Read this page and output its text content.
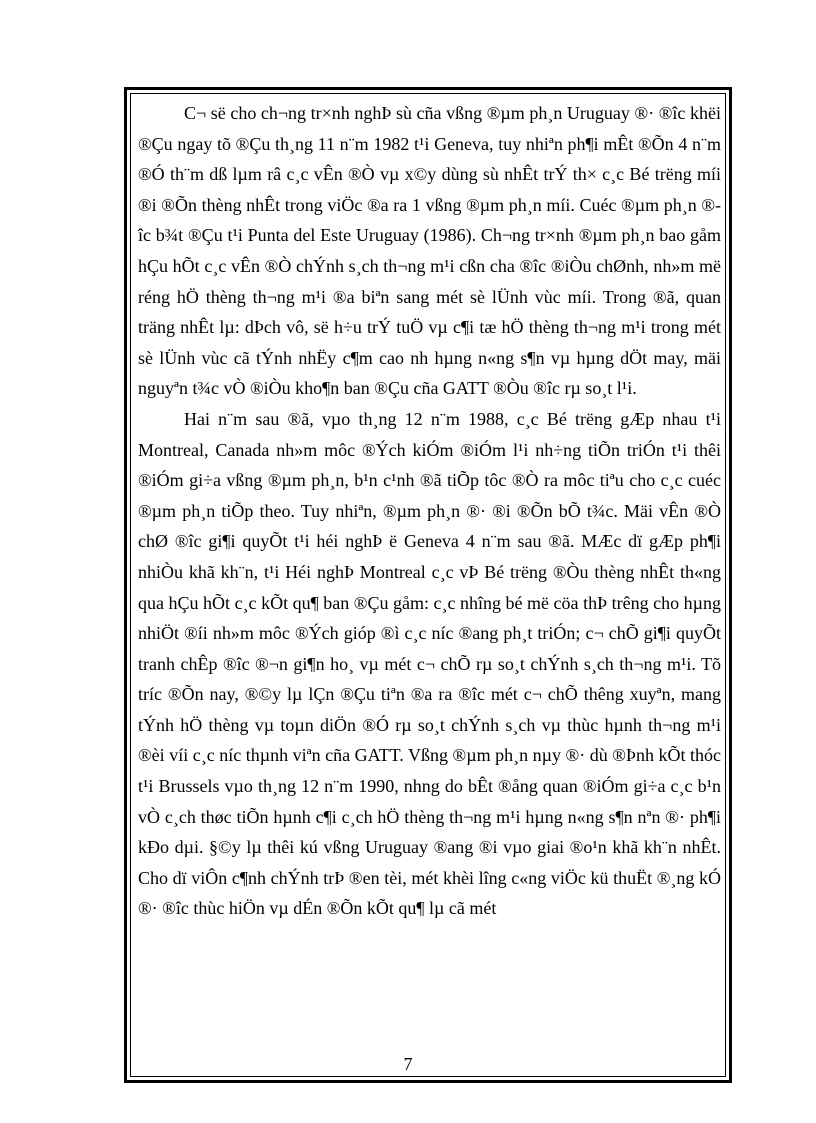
C¬ së cho ch¬ng tr×nh nghÞ sù cña vßng ®µm ph¸n Uruguay ®· ®îc khëi ®Çu ngay tõ ®Çu th¸ng 11 n¨m 1982 t¹i Geneva, tuy nhiªn ph¶i mÊt ®Õn 4 n¨m ®Ó th¨m dß lµm râ c¸c vÊn ®Ò vµ x©y dùng sù nhÊt trÝ th× c¸c Bé trëng míi ®i ®Õn thèng nhÊt trong viÖc ®a ra 1 vßng ®µm ph¸n míi. Cuéc ®µm ph¸n ®îc b¾t ®Çu t¹i Punta del Este Uruguay (1986). Ch¬ng tr×nh ®µm ph¸n bao gåm hÇu hÕt c¸c vÊn ®Ò chÝnh s¸ch th¬ng m¹i cßn cha ®îc ®iÒu chØnh, nh»m më réng hÖ thèng th¬ng m¹i ®a biªn sang mét sè lÜnh vùc míi. Trong ®ã, quan träng nhÊt lµ: dÞch vô, së h÷u trÝ tuÖ vµ c¶i tæ hÖ thèng th¬ng m¹i trong mét sè lÜnh vùc cã tÝnh nhËy c¶m cao nh hµng n«ng s¶n vµ hµng dÖt may, mäi nguyªn t¾c vÒ ®iÒu kho¶n ban ®Çu cña GATT ®Òu ®îc rµ so¸t l¹i.

Hai n¨m sau ®ã, vµo th¸ng 12 n¨m 1988, c¸c Bé trëng gÆp nhau t¹i Montreal, Canada nh»m môc ®Ých kiÓm ®iÓm l¹i nh÷ng tiÕn triÓn t¹i thêi ®iÓm gi÷a vßng ®µm ph¸n, b¹n c¹nh ®ã tiÕp tôc ®Ò ra môc tiªu cho c¸c cuéc ®µm ph¸n tiÕp theo. Tuy nhiªn, ®µm ph¸n ®· ®i ®Õn bÕ t¾c. Mäi vÊn ®Ò chØ ®îc gi¶i quyÕt t¹i héi nghÞ ë Geneva 4 n¨m sau ®ã. MÆc dï gÆp ph¶i nhiÒu khã kh¨n, t¹i Héi nghÞ Montreal c¸c vÞ Bé trëng ®Òu thèng nhÊt th«ng qua hÇu hÕt c¸c kÕt qu¶ ban ®Çu gåm: c¸c nhîng bé më cöa thÞ trêng cho hµng nhiÖt ®íi nh»m môc ®Ých gióp ®ì c¸c níc ®ang ph¸t triÓn; c¬ chÕ gi¶i quyÕt tranh chÊp ®îc ®¬n gi¶n ho¸ vµ mét c¬ chÕ rµ so¸t chÝnh s¸ch th¬ng m¹i. Tõ tríc ®Õn nay, ®©y lµ lÇn ®Çu tiªn ®a ra ®îc mét c¬ chÕ thêng xuyªn, mang tÝnh hÖ thèng vµ toµn diÖn ®Ó rµ so¸t chÝnh s¸ch vµ thùc hµnh th¬ng m¹i ®èi víi c¸c níc thµnh viªn cña GATT. Vßng ®µm ph¸n nµy ®· dù ®Þnh kÕt thóc t¹i Brussels vµo th¸ng 12 n¨m 1990, nhng do bÊt ®ång quan ®iÓm gi÷a c¸c b¹n vÒ c¸ch thøc tiÕn hµnh c¶i c¸ch hÖ thèng th¬ng m¹i hµng n«ng s¶n nªn ®· ph¶i kÐo dµi. §©y lµ thêi kú vßng Uruguay ®ang ®i vµo giai ®o¹n khã kh¨n nhÊt. Cho dï viÔn c¶nh chÝnh trÞ ®en tèi, mét khèi lîng c«ng viÖc kü thuËt ®¸ng kÓ ®· ®îc thùc hiÖn vµ dÉn ®Õn kÕt qu¶ lµ cã mét

7
